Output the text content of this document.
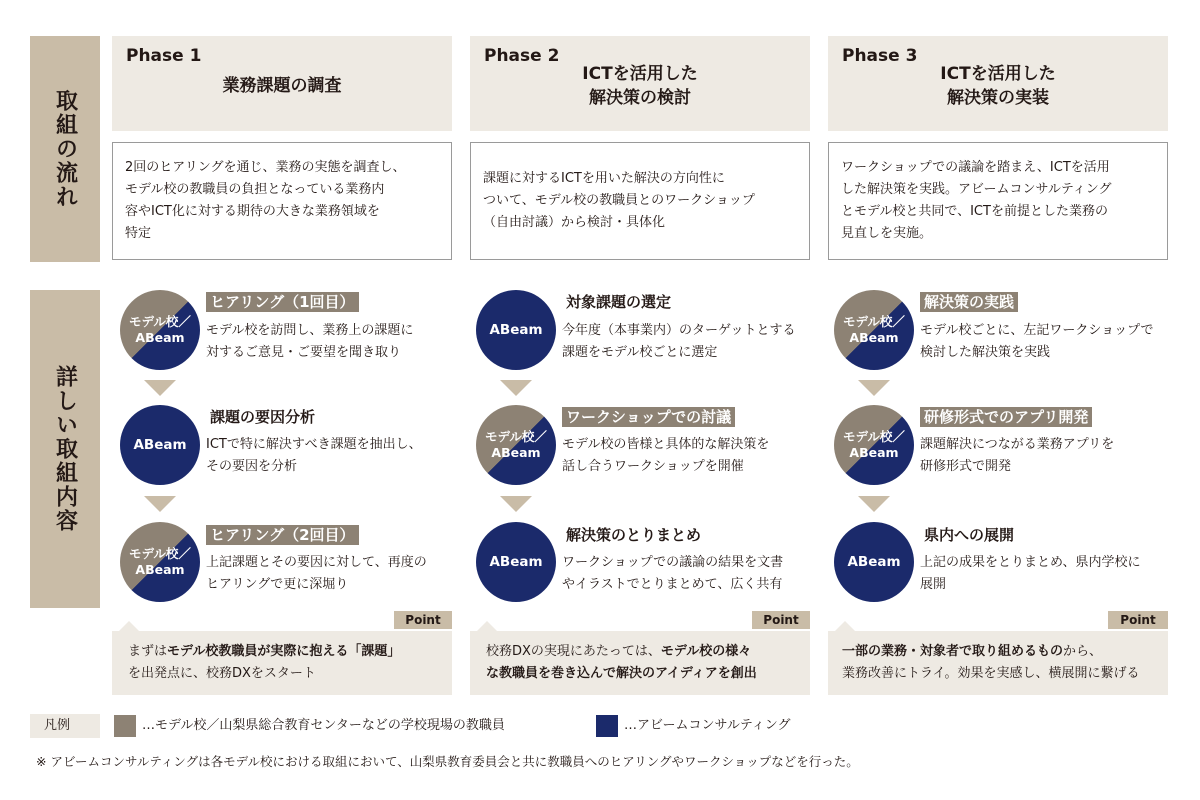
取組の流れ
詳しい取組内容
Phase 1
業務課題の調査
2回のヒアリングを通じ、業務の実態を調査し、
モデル校の教職員の負担となっている業務内
容やICT化に対する期待の大きな業務領域を
特定
モデル校／
ABeam
ヒアリング（1回目）
モデル校を訪問し、業務上の課題に
対するご意見・ご要望を聞き取り
ABeam
課題の要因分析
ICTで特に解決すべき課題を抽出し、
その要因を分析
モデル校／
ABeam
ヒアリング（2回目）
上記課題とその要因に対して、再度の
ヒアリングで更に深堀り
まずはモデル校教職員が実際に抱える「課題」
を出発点に、校務DXをスタート
Point
Phase 2
ICTを活用した
解決策の検討
課題に対するICTを用いた解決の方向性に
ついて、モデル校の教職員とのワークショップ
（自由討議）から検討・具体化
ABeam
対象課題の選定
今年度（本事業内）のターゲットとする
課題をモデル校ごとに選定
モデル校／
ABeam
ワークショップでの討議
モデル校の皆様と具体的な解決策を
話し合うワークショップを開催
ABeam
解決策のとりまとめ
ワークショップでの議論の結果を文書
やイラストでとりまとめて、広く共有
校務DXの実現にあたっては、モデル校の様々
な教職員を巻き込んで解決のアイディアを創出
Point
Phase 3
ICTを活用した
解決策の実装
ワークショップでの議論を踏まえ、ICTを活用
した解決策を実践。アビームコンサルティング
とモデル校と共同で、ICTを前提とした業務の
見直しを実施。
モデル校／
ABeam
解決策の実践
モデル校ごとに、左記ワークショップで
検討した解決策を実践
モデル校／
ABeam
研修形式でのアプリ開発
課題解決につながる業務アプリを
研修形式で開発
ABeam
県内への展開
上記の成果をとりまとめ、県内学校に
展開
一部の業務・対象者で取り組めるものから、
業務改善にトライ。効果を実感し、横展開に繋げる
Point
凡例	…モデル校／山梨県総合教育センターなどの学校現場の教職員	…アビームコンサルティング
※ アビームコンサルティングは各モデル校における取組において、山梨県教育委員会と共に教職員へのヒアリングやワークショップなどを行った。
